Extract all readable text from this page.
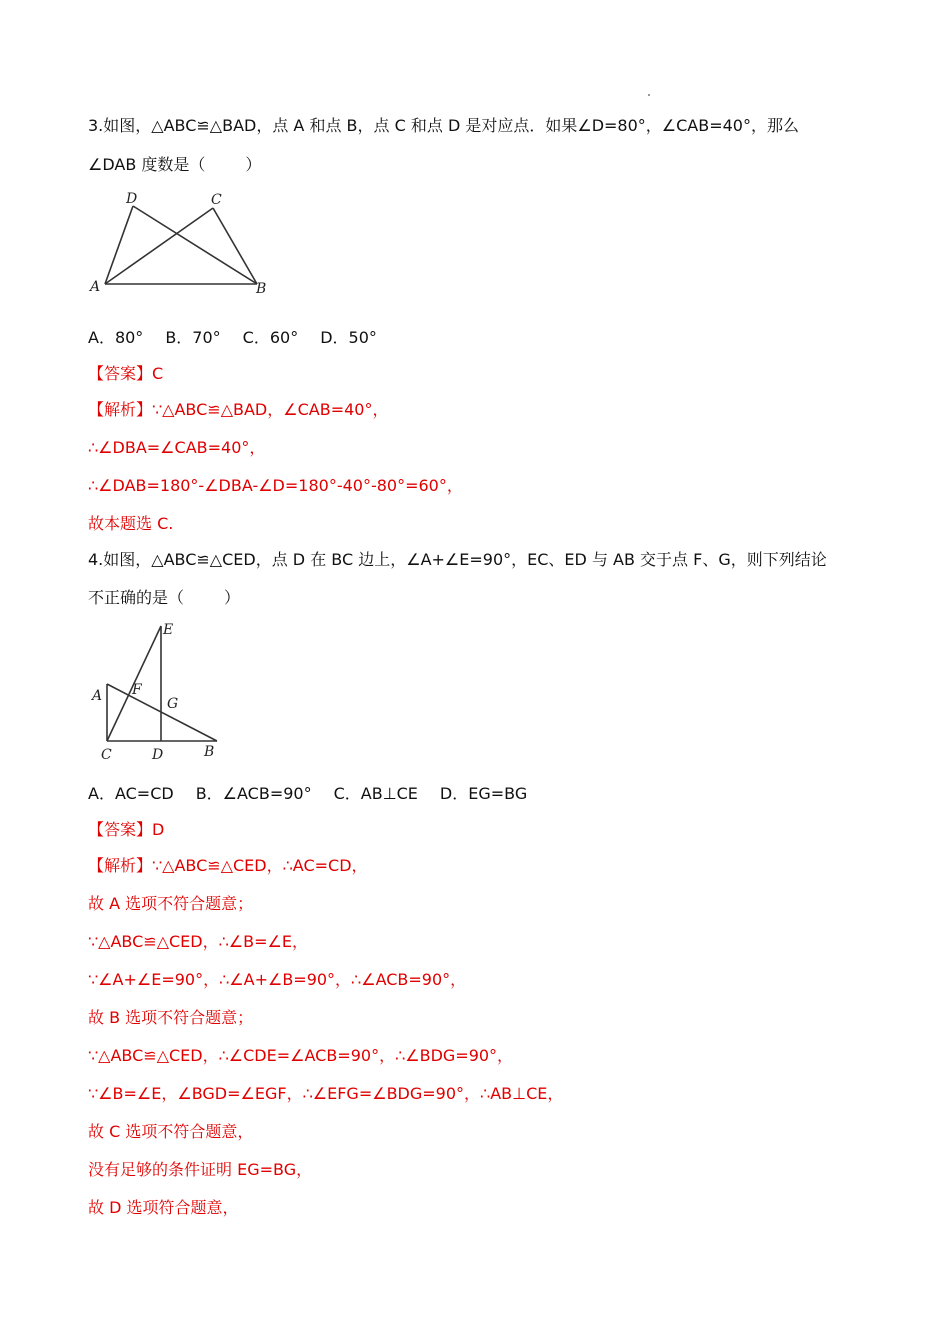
3.如图，△ABC≌△BAD，点 A 和点 B，点 C 和点 D 是对应点．如果∠D=80°，∠CAB=40°，那么
∠DAB 度数是（	）
A	B
C
D
A．80° B．70° C．60° D．50°
【答案】C
【解析】∵△ABC≌△BAD，∠CAB=40°，
∴∠DBA=∠CAB=40°，
∴∠DAB=180°-∠DBA-∠D=180°-40°-80°=60°，
故本题选 C.
4.如图，△ABC≌△CED，点 D 在 BC 边上，∠A+∠E=90°，EC、ED 与 AB 交于点 F、G，则下列结论
不正确的是（	）
A
B
C	D
E
F
G
A．AC=CD B．∠ACB=90° C．AB⊥CE D．EG=BG
【答案】D
【解析】∵△ABC≌△CED，∴AC=CD，
故 A 选项不符合题意；
∵△ABC≌△CED，∴∠B=∠E，
∵∠A+∠E=90°，∴∠A+∠B=90°，∴∠ACB=90°，
故 B 选项不符合题意；
∵△ABC≌△CED，∴∠CDE=∠ACB=90°，∴∠BDG=90°，
∵∠B=∠E，∠BGD=∠EGF，∴∠EFG=∠BDG=90°，∴AB⊥CE，
故 C 选项不符合题意，
没有足够的条件证明 EG=BG，
故 D 选项符合题意，
